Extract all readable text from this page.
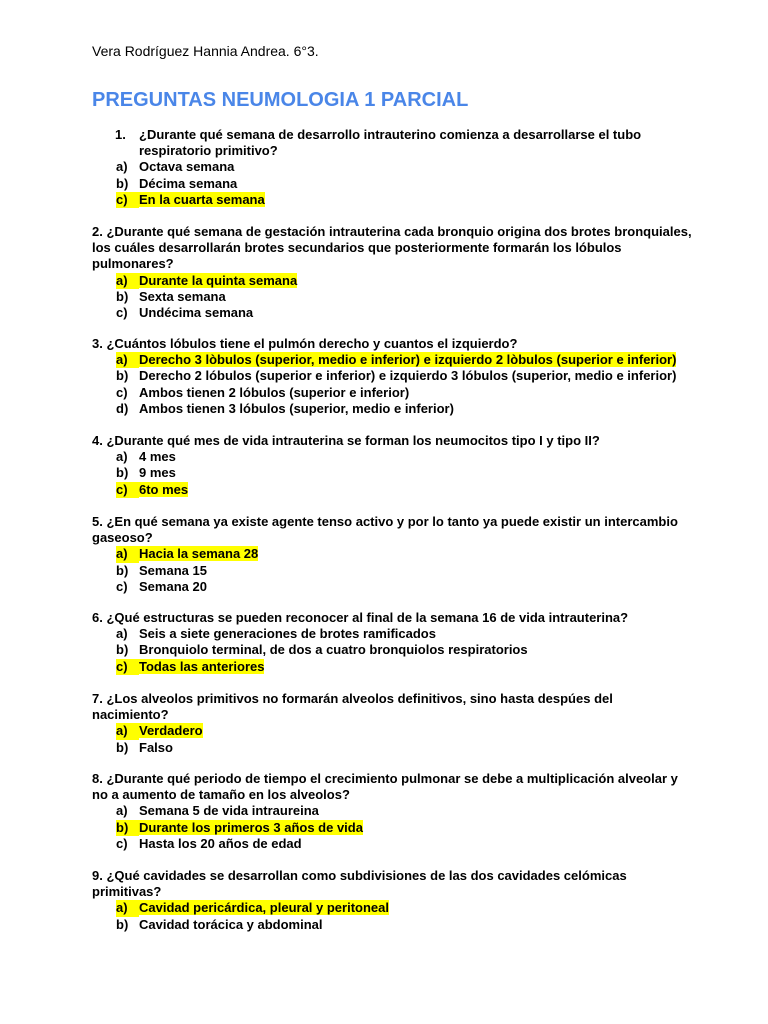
Vera Rodríguez Hannia Andrea. 6°3.
PREGUNTAS NEUMOLOGIA 1 PARCIAL

1. ¿Durante qué semana de desarrollo intrauterino comienza a desarrollarse el tubo respiratorio primitivo?

a) Octava semana
b) Décima semana
c) En la cuarta semana

2. ¿Durante qué semana de gestación intrauterina cada bronquio origina dos brotes bronquiales, los cuáles desarrollarán brotes secundarios que posteriormente formarán los lóbulos pulmonares?

a) Durante la quinta semana
b) Sexta semana
c) Undécima semana

3. ¿Cuántos lóbulos tiene el pulmón derecho y cuantos el izquierdo?

a) Derecho 3 lòbulos (superior, medio e inferior) e izquierdo 2 lòbulos (superior e inferior)
b) Derecho 2 lóbulos (superior e inferior) e izquierdo 3 lóbulos (superior, medio e inferior)
c) Ambos tienen 2 lóbulos (superior e inferior)
d) Ambos tienen 3 lóbulos (superior, medio e inferior)

4. ¿Durante qué mes de vida intrauterina se forman los neumocitos tipo I y tipo II?

a) 4 mes
b) 9 mes
c) 6to mes

5. ¿En qué semana ya existe agente tenso activo y por lo tanto ya puede existir un intercambio gaseoso?

a) Hacia la semana 28
b) Semana 15
c) Semana 20

6. ¿Qué estructuras se pueden reconocer al final de la semana 16 de vida intrauterina?

a) Seis a siete generaciones de brotes ramificados
b) Bronquiolo terminal, de dos a cuatro bronquiolos respiratorios
c) Todas las anteriores

7. ¿Los alveolos primitivos no formarán alveolos definitivos, sino hasta despúes del nacimiento?

a) Verdadero
b) Falso

8. ¿Durante qué periodo de tiempo el crecimiento pulmonar se debe a multiplicación alveolar y no a aumento de tamaño en los alveolos?

a) Semana 5 de vida intraureina
b) Durante los primeros 3 años de vida
c) Hasta los 20 años de edad

9. ¿Qué cavidades se desarrollan como subdivisiones de las dos cavidades celómicas primitivas?

a) Cavidad pericárdica, pleural y peritoneal
b) Cavidad torácica y abdominal
